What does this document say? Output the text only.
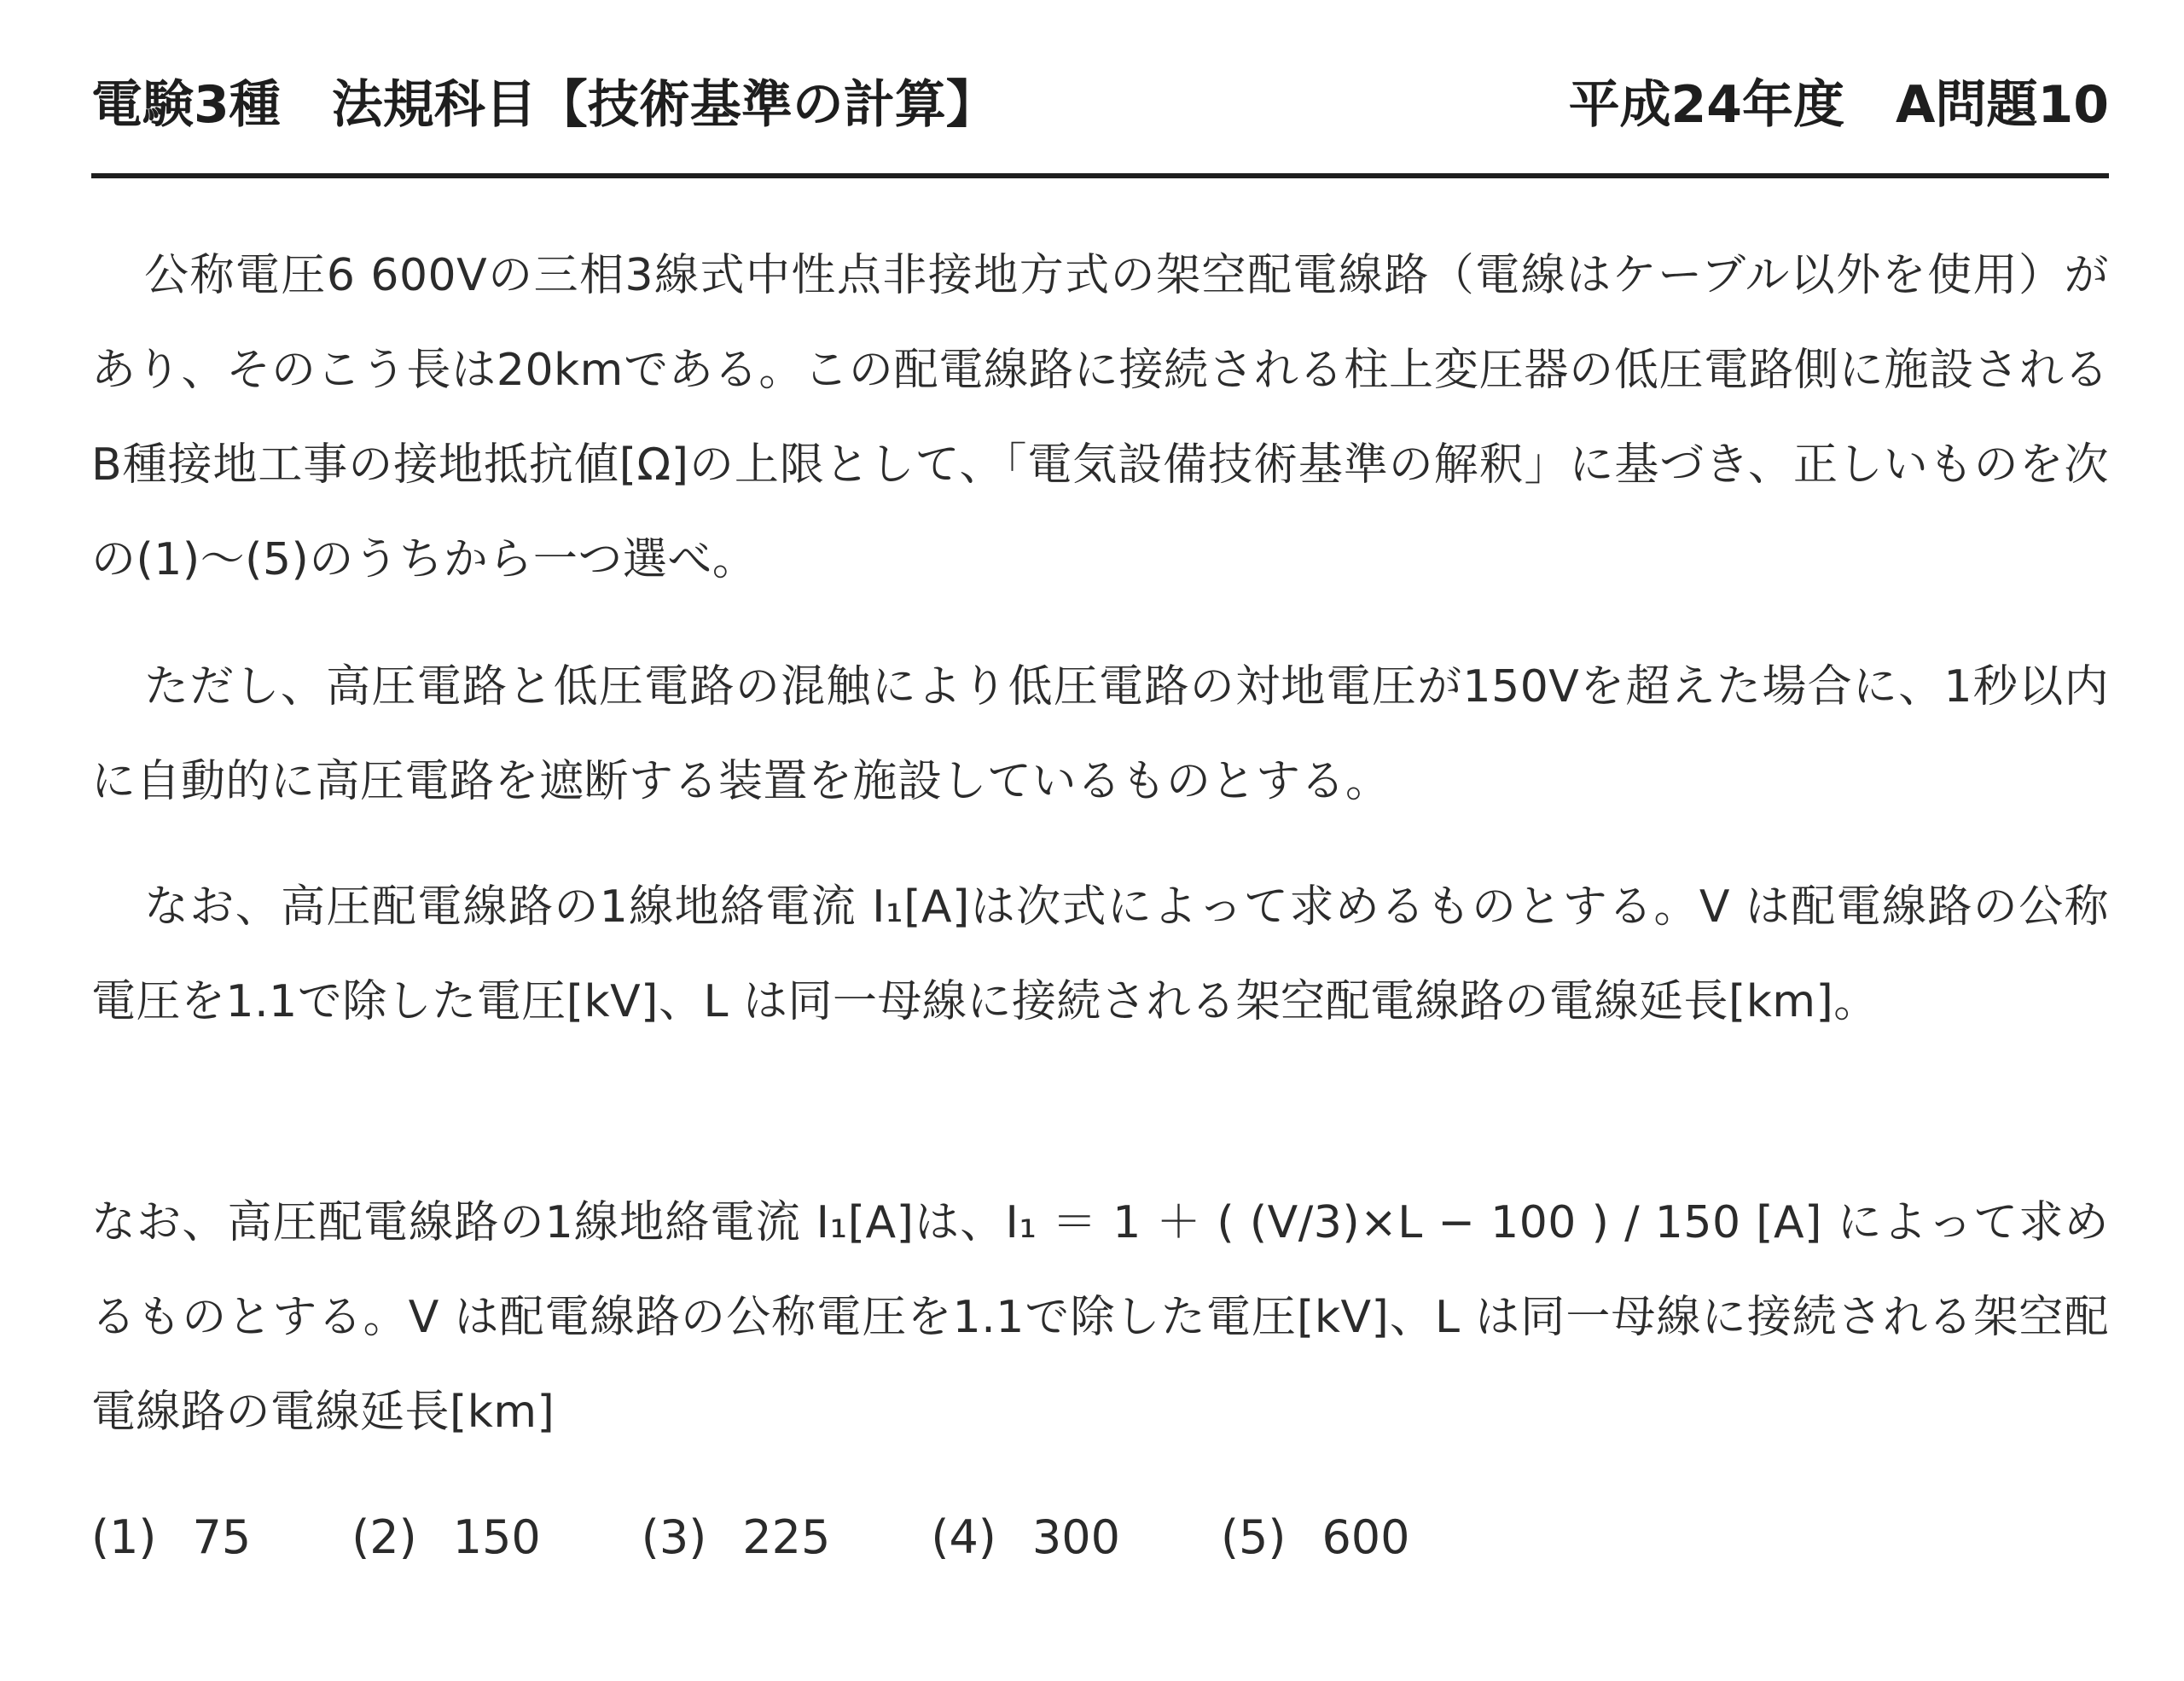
電験3種　法規科目【技術基準の計算】	平成24年度　A問題10
公称電圧6 600Vの三相3線式中性点非接地方式の架空配電線路（電線はケーブル以外を使用）があり、そのこう長は20kmである。この配電線路に接続される柱上変圧器の低圧電路側に施設されるB種接地工事の接地抵抗値[Ω]の上限として、「電気設備技術基準の解釈」に基づき、正しいものを次の(1)〜(5)のうちから一つ選べ。
ただし、高圧電路と低圧電路の混触により低圧電路の対地電圧が150Vを超えた場合に、1秒以内に自動的に高圧電路を遮断する装置を施設しているものとする。
なお、高圧配電線路の1線地絡電流 I₁[A]は次式によって求めるものとする。V は配電線路の公称電圧を1.1で除した電圧[kV]、L は同一母線に接続される架空配電線路の電線延長[km]。
なお、高圧配電線路の1線地絡電流 I₁[A]は、I₁ ＝ 1 ＋ ( (V/3)×L − 100 ) / 150 [A] によって求めるものとする。V は配電線路の公称電圧を1.1で除した電圧[kV]、L は同一母線に接続される架空配電線路の電線延長[km]
(1) 75 (2) 150 (3) 225 (4) 300 (5) 600
